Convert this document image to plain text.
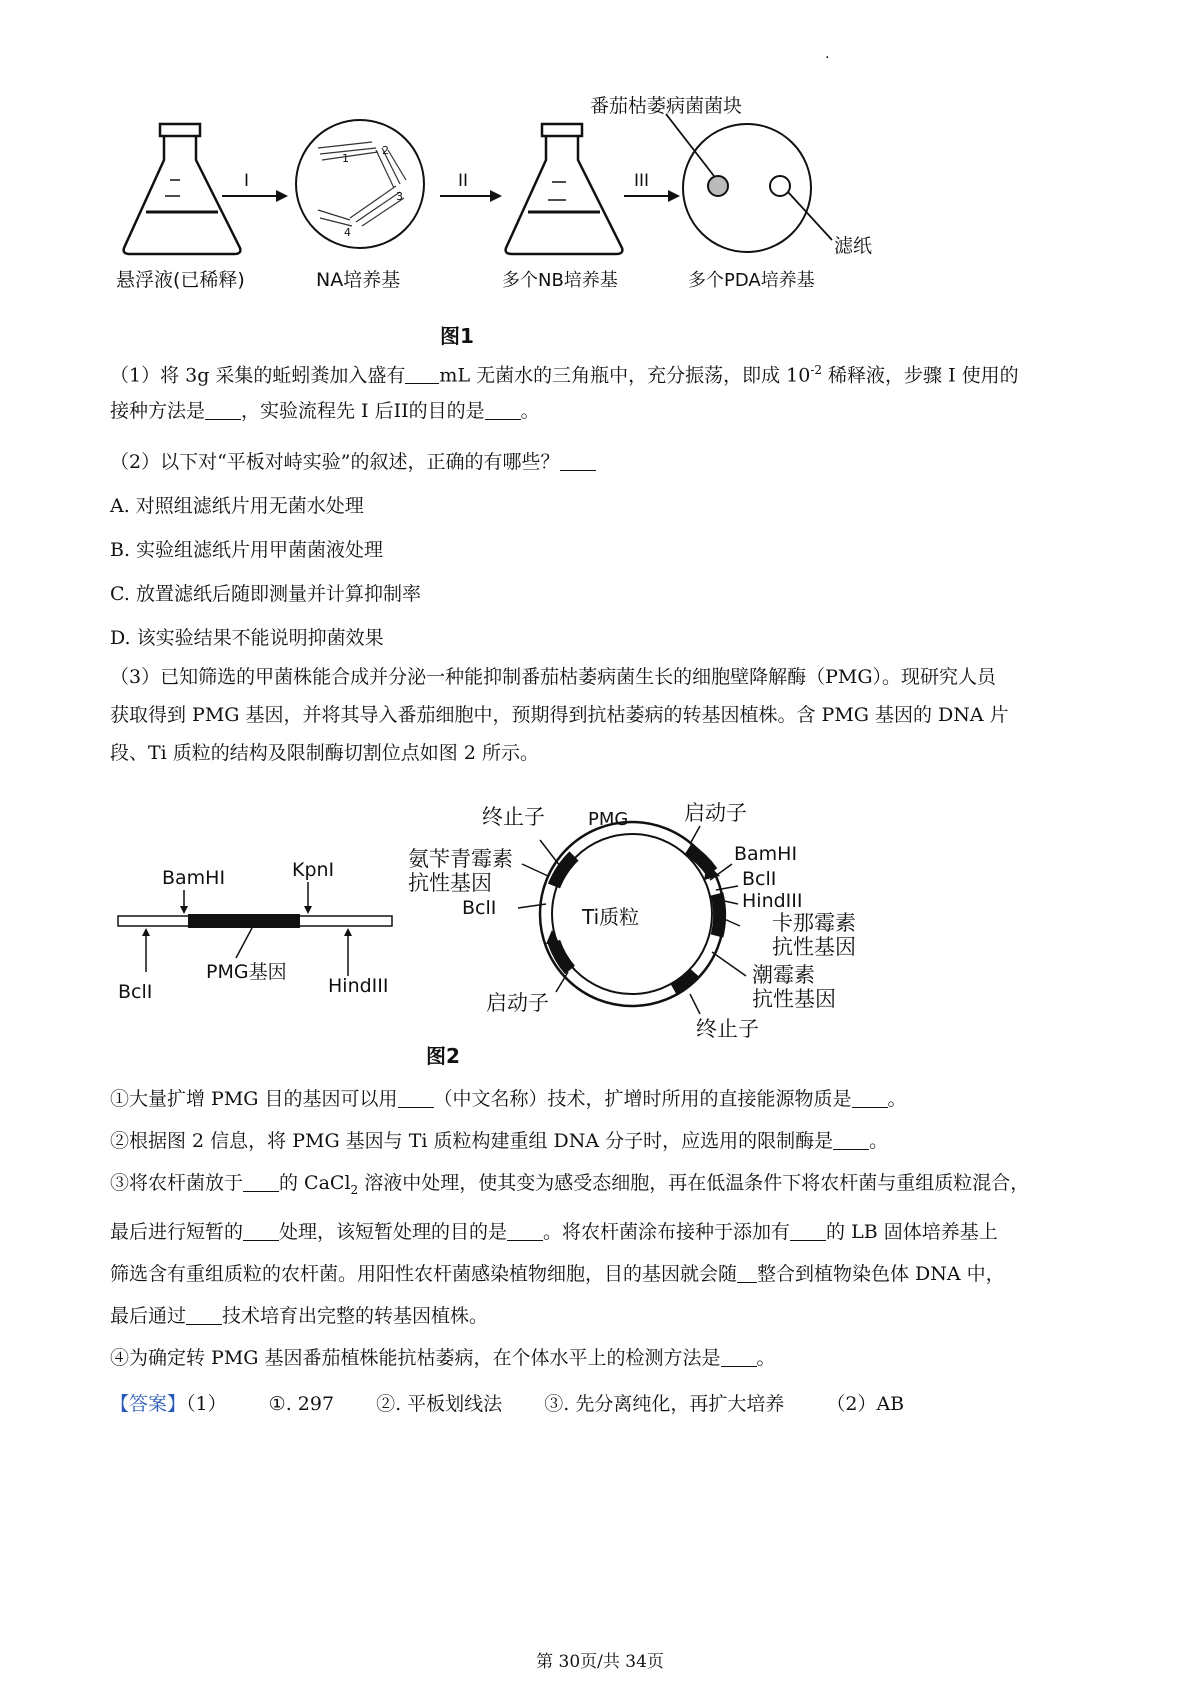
.
悬浮液(已稀释)
I
1
2
3
4
NA培养基
II
多个NB培养基
III
番茄枯萎病菌菌块
滤纸
多个PDA培养基
BamHI	KpnI
BclI	HindIII
PMG基因
Ti质粒
PMG
终止子	启动子
BamHI
BclI
HindIII
卡那霉素
抗性基因
潮霉素
抗性基因
终止子
启动子
氨苄青霉素
抗性基因
BclI
图1
图2
（1）将 3g 采集的蚯蚓粪加入盛有 mL 无菌水的三角瓶中，充分振荡，即成 $10^{-2}$ 稀释液，步骤 I 使用的
接种方法是 ，实验流程先 I 后II的目的是 。
（2）以下对“平板对峙实验”的叙述，正确的有哪些？
A. 对照组滤纸片用无菌水处理
B. 实验组滤纸片用甲菌菌液处理
C. 放置滤纸后随即测量并计算抑制率
D. 该实验结果不能说明抑菌效果
（3）已知筛选的甲菌株能合成并分泌一种能抑制番茄枯萎病菌生长的细胞壁降解酶（PMG）。现研究人员
获取得到 PMG 基因，并将其导入番茄细胞中，预期得到抗枯萎病的转基因植株。含 PMG 基因的 DNA 片
段、Ti 质粒的结构及限制酶切割位点如图 2 所示。
①大量扩增 PMG 目的基因可以用 （中文名称）技术，扩增时所用的直接能源物质是 。
②根据图 2 信息，将 PMG 基因与 Ti 质粒构建重组 DNA 分子时，应选用的限制酶是 。
③将农杆菌放于 的 CaCl$_2$ 溶液中处理，使其变为感受态细胞，再在低温条件下将农杆菌与重组质粒混合，
最后进行短暂的 处理，该短暂处理的目的是 。将农杆菌涂布接种于添加有 的 LB 固体培养基上
筛选含有重组质粒的农杆菌。用阳性农杆菌感染植物细胞，目的基因就会随 整合到植物染色体 DNA 中，
最后通过 技术培育出完整的转基因植株。
④为确定转 PMG 基因番茄植株能抗枯萎病，在个体水平上的检测方法是 。
【答案】（1） ①. 297 ②. 平板划线法 ③. 先分离纯化，再扩大培养 （2）AB
第 30页/共 34页
